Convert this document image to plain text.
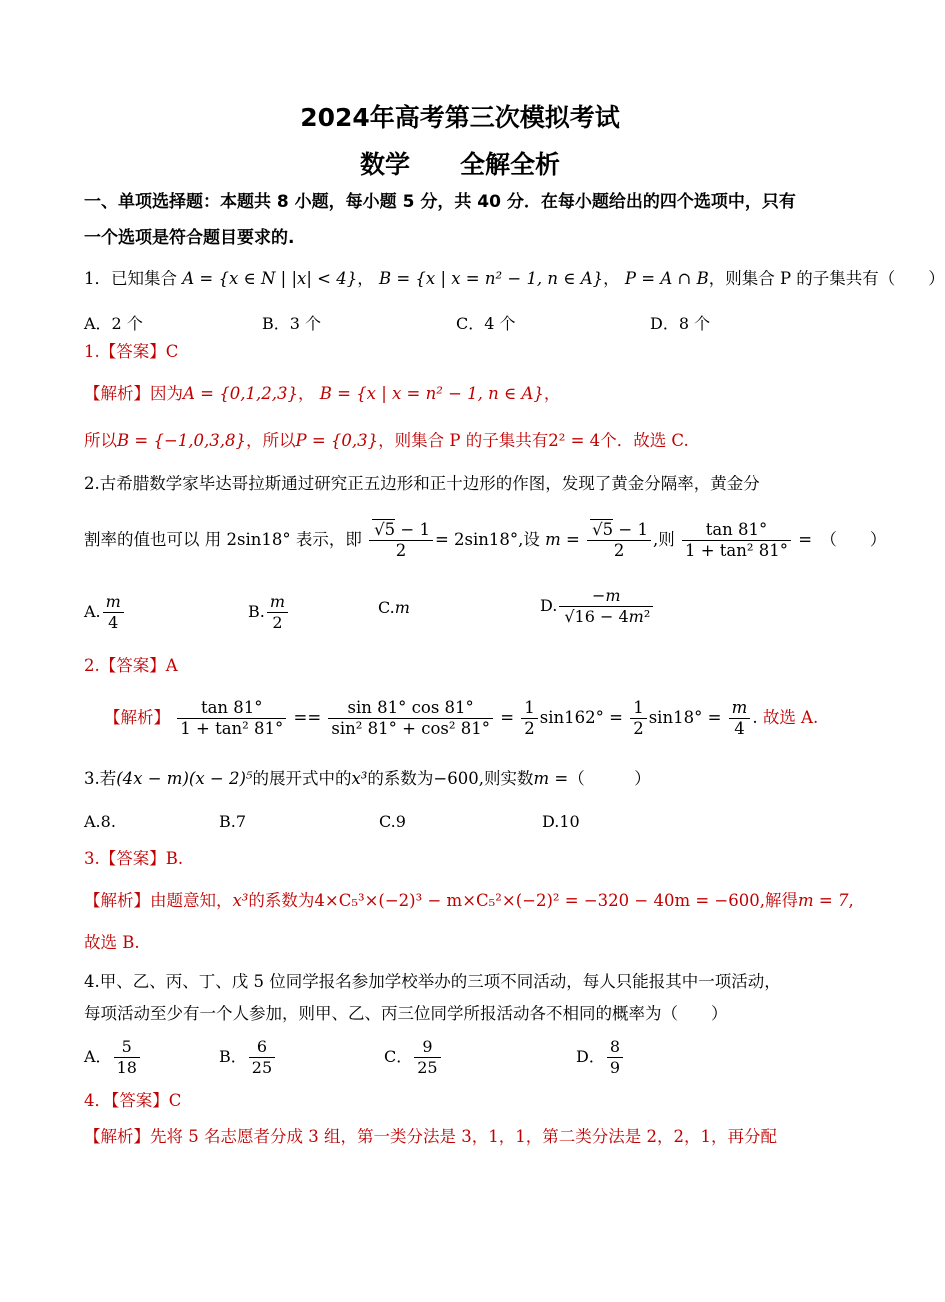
2024年高考第三次模拟考试
数学　　全解全析
一、单项选择题：本题共 8 小题，每小题 5 分，共 40 分．在每小题给出的四个选项中，只有
一个选项是符合题目要求的.
1．已知集合 A = {x ∈ N | |x| < 4}， B = {x | x = n² − 1, n ∈ A}， P = A ∩ B，则集合 P 的子集共有（　　）
A．2 个	B．3 个	C．4 个	D．8 个
1.【答案】C
【解析】因为A = {0,1,2,3}， B = {x | x = n² − 1, n ∈ A}，
所以B = {−1,0,3,8}，所以P = {0,3}，则集合 P 的子集共有2² = 4个．故选 C.
2.古希腊数学家毕达哥拉斯通过研究正五边形和正十边形的作图，发现了黄金分隔率，黄金分
割率的值也可以 用 2sin18° 表示，即 $\frac{√5 - 1}{2} = 2\sin 18^\circ$,设 $m = \frac{√5 - 1}{2}$ ,则 $\frac{\tan 81^\circ}{\text{1 + tan² 81°}}$ =　（　　）
A. $\frac{m}{4}$	B. $\frac{m}{2}$	C.m	D. $\frac{-m}{\text{√16 − 4m²}}$
2.【答案】A
【解析】 $\frac{\tan 81^\circ}{\text{1 + tan² 81°}} == \frac{\sin 81^\circ \cos 81^\circ}{\text{sin² 81° + cos² 81°}} = \frac{1}{2} \sin 162^\circ = \frac{1}{2} \sin 18^\circ = \frac{m}{4}$ . 故选 A.
3.若(4x − m)(x − 2)⁵的展开式中的x³的系数为−600,则实数m =（　　　）
A.8.	B.7	C.9	D.10
3.【答案】B.
【解析】由题意知，x³的系数为4×C₅³×(−2)³ − m×C₅²×(−2)² = −320 − 40m = −600,解得m = 7,
故选 B.
4.甲、乙、丙、丁、戊 5 位同学报名参加学校举办的三项不同活动，每人只能报其中一项活动，
每项活动至少有一个人参加，则甲、乙、丙三位同学所报活动各不相同的概率为（　　）
A． $\frac{5}{18}$	B． $\frac{6}{25}$	C． $\frac{9}{25}$	D． $\frac{8}{9}$
4．【答案】C
【解析】先将 5 名志愿者分成 3 组，第一类分法是 3，1，1，第二类分法是 2，2，1，再分配
